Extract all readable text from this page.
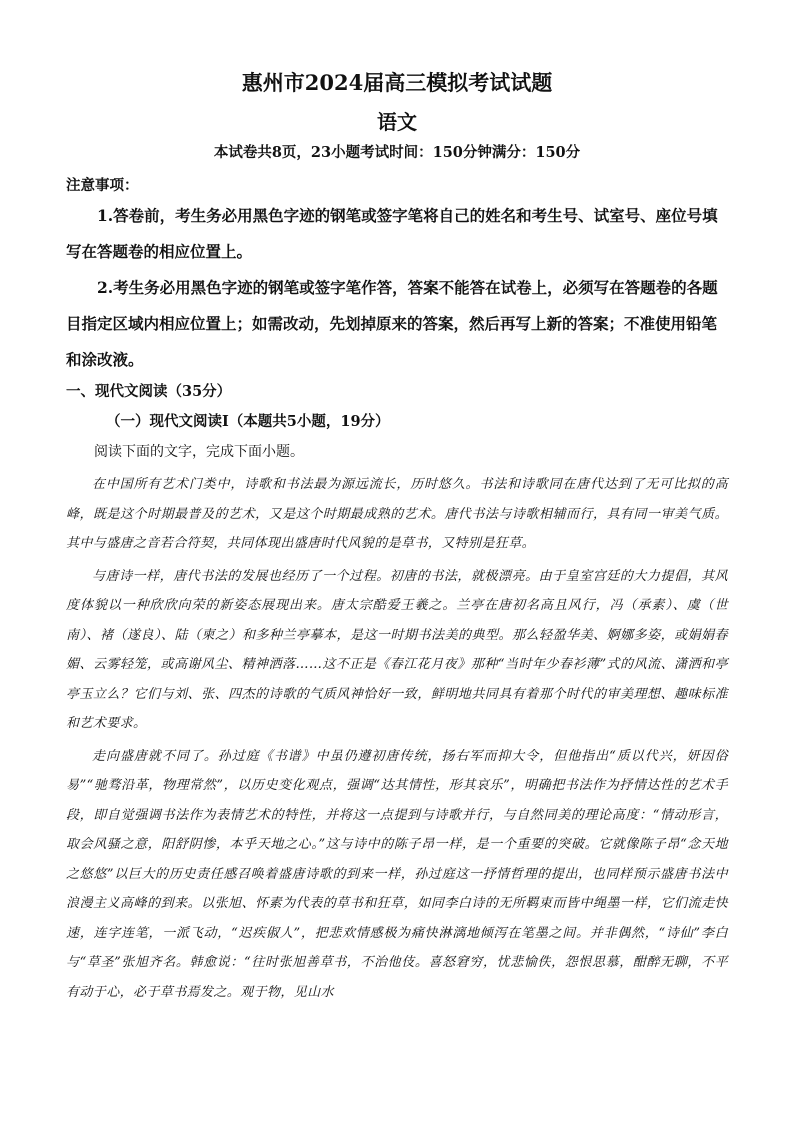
惠州市2024届高三模拟考试试题
语文
本试卷共8页，23小题考试时间：150分钟满分：150分
注意事项：

1.答卷前，考生务必用黑色字迹的钢笔或签字笔将自己的姓名和考生号、试室号、座位号填写在答题卷的相应位置上。

2.考生务必用黑色字迹的钢笔或签字笔作答，答案不能答在试卷上，必须写在答题卷的各题目指定区域内相应位置上；如需改动，先划掉原来的答案，然后再写上新的答案；不准使用铅笔和涂改液。

一、现代文阅读（35分）
（一）现代文阅读Ⅰ（本题共5小题，19分）
阅读下面的文字，完成下面小题。

在中国所有艺术门类中，诗歌和书法最为源远流长，历时悠久。书法和诗歌同在唐代达到了无可比拟的高峰，既是这个时期最普及的艺术，又是这个时期最成熟的艺术。唐代书法与诗歌相辅而行，具有同一审美气质。其中与盛唐之音若合符契，共同体现出盛唐时代风貌的是草书，又特别是狂草。

与唐诗一样，唐代书法的发展也经历了一个过程。初唐的书法，就极漂亮。由于皇室宫廷的大力提倡，其风度体貌以一种欣欣向荣的新姿态展现出来。唐太宗酷爱王羲之。兰亭在唐初名高且风行，冯（承素）、虞（世南）、褚（遂良）、陆（柬之）和多种兰亭摹本，是这一时期书法美的典型。那么轻盈华美、婀娜多姿，或娟娟春媚、云雾轻笼，或高谢风尘、精神洒落……这不正是《春江花月夜》那种“当时年少春衫薄”式的风流、潇洒和亭亭玉立么？它们与刘、张、四杰的诗歌的气质风神恰好一致，鲜明地共同具有着那个时代的审美理想、趣味标准和艺术要求。

走向盛唐就不同了。孙过庭《书谱》中虽仍遵初唐传统，扬右军而抑大令，但他指出“质以代兴，妍因俗易”“驰骛沿革，物理常然”，以历史变化观点，强调“达其情性，形其哀乐”，明确把书法作为抒情达性的艺术手段，即自觉强调书法作为表情艺术的特性，并将这一点提到与诗歌并行，与自然同美的理论高度：“情动形言，取会风骚之意，阳舒阴惨，本乎天地之心。”这与诗中的陈子昂一样，是一个重要的突破。它就像陈子昂“念天地之悠悠”以巨大的历史责任感召唤着盛唐诗歌的到来一样，孙过庭这一抒情哲理的提出，也同样预示盛唐书法中浪漫主义高峰的到来。以张旭、怀素为代表的草书和狂草，如同李白诗的无所羁束而皆中绳墨一样，它们流走快速，连字连笔，一派飞动，“迟疾俶人”，把悲欢情感极为痛快淋漓地倾泻在笔墨之间。并非偶然，“诗仙”李白与“草圣”张旭齐名。韩愈说：“往时张旭善草书，不治他伎。喜怒窘穷，忧悲愉佚，怨恨思慕，酣醉无聊，不平有动于心，必于草书焉发之。观于物，见山水
